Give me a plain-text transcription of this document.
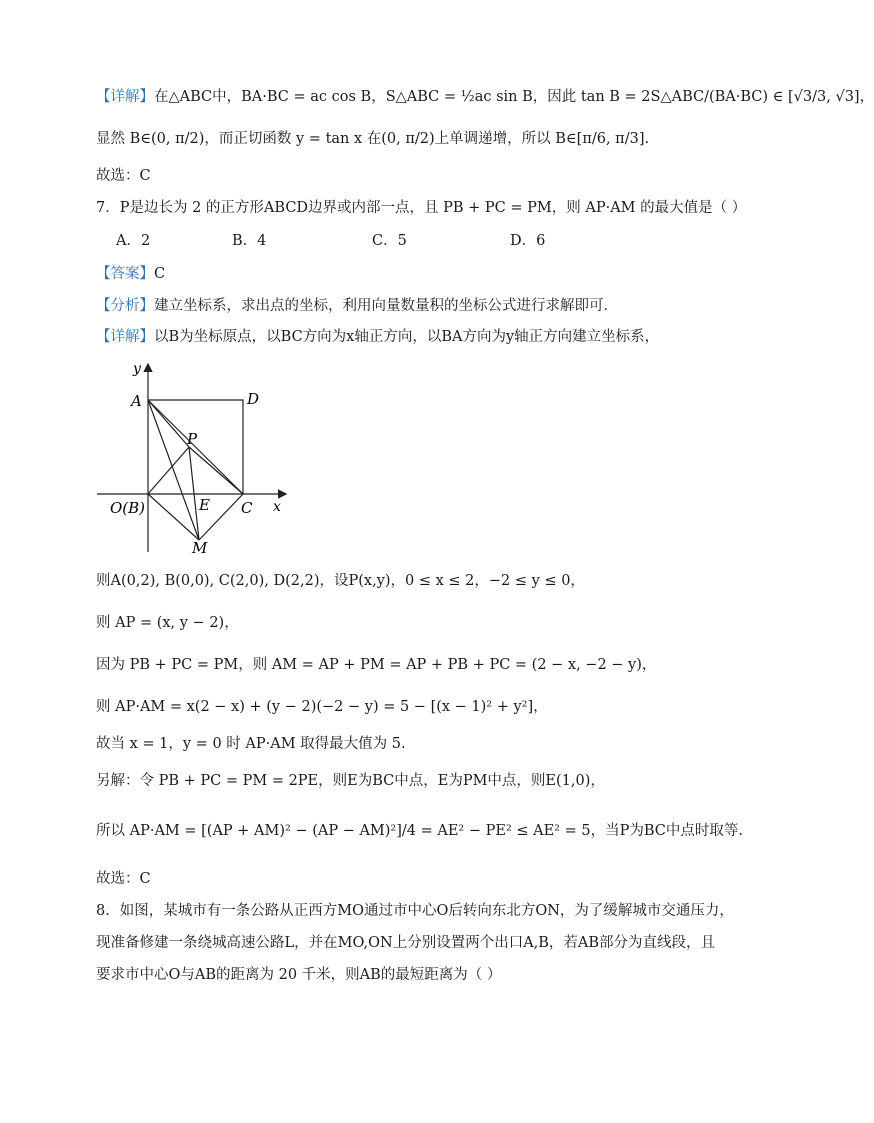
【详解】在△ABC中，BA·BC = ac cos B，S△ABC = ½ac sin B，因此 tan B = 2S△ABC/(BA·BC) ∈ [√3/3, √3]，
显然 B∈(0, π/2)，而正切函数 y = tan x 在(0, π/2)上单调递增，所以 B∈[π/6, π/3].
故选：C
7．P是边长为 2 的正方形ABCD边界或内部一点，且 PB + PC = PM，则 AP·AM 的最大值是（ ）
A．2	B．4	C．5	D．6
【答案】C
【分析】建立坐标系，求出点的坐标，利用向量数量积的坐标公式进行求解即可．
【详解】以B为坐标原点，以BC方向为x轴正方向，以BA方向为y轴正方向建立坐标系，
y
x
A	D
P
O(B)	E C
M
则A(0,2), B(0,0), C(2,0), D(2,2)，设P(x,y)，0 ≤ x ≤ 2，−2 ≤ y ≤ 0，
则 AP = (x, y − 2)，
因为 PB + PC = PM，则 AM = AP + PM = AP + PB + PC = (2 − x, −2 − y)，
则 AP·AM = x(2 − x) + (y − 2)(−2 − y) = 5 − [(x − 1)² + y²]，
故当 x = 1，y = 0 时 AP·AM 取得最大值为 5.
另解：令 PB + PC = PM = 2PE，则E为BC中点，E为PM中点，则E(1,0)，
所以 AP·AM = [(AP + AM)² − (AP − AM)²]/4 = AE² − PE² ≤ AE² = 5，当P为BC中点时取等.
故选：C
8．如图，某城市有一条公路从正西方MO通过市中心O后转向东北方ON，为了缓解城市交通压力，
现准备修建一条绕城高速公路L，并在MO,ON上分别设置两个出口A,B，若AB部分为直线段，且
要求市中心O与AB的距离为 20 千米，则AB的最短距离为（ ）
